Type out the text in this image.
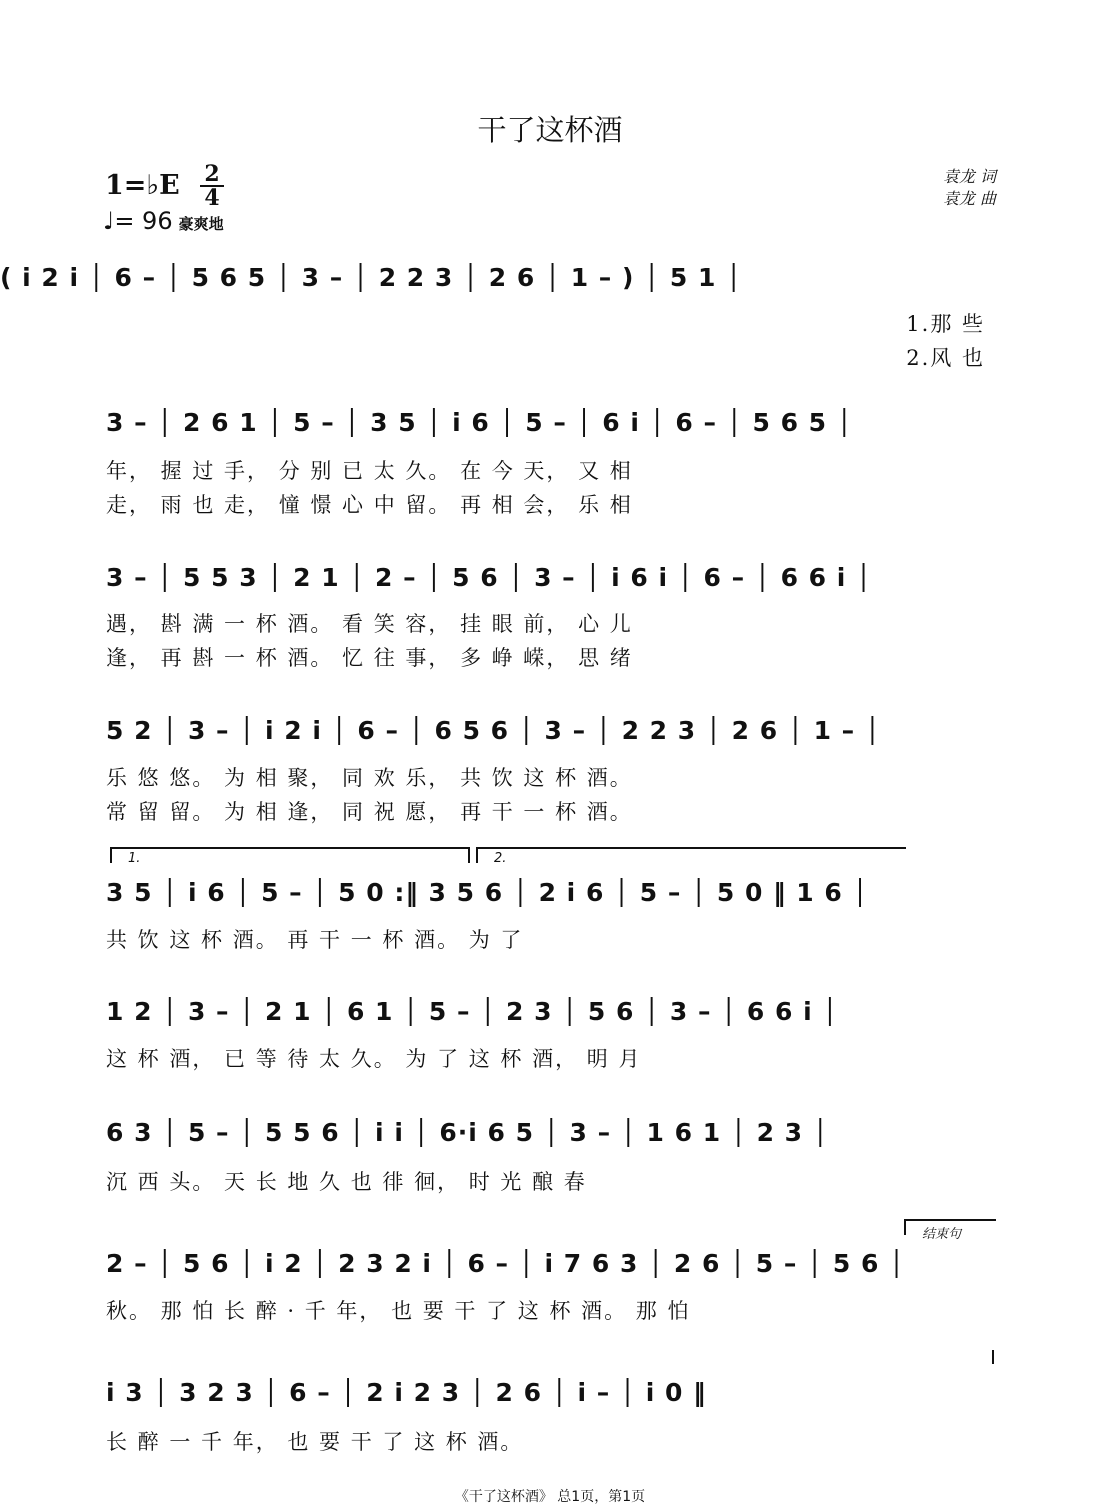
干了这杯酒
1=♭E 2
4
♩= 96 豪爽地
袁龙 词
袁龙 曲
( i 2 i │ 6 – │ 5 6 5 │ 3 – │ 2 2 3 │ 2 6 │ 1 – ) │ 5 1 │
1.那 些
2.风 也
3 – │ 2 6 1 │ 5 – │ 3 5 │ i 6 │ 5 – │ 6 i │ 6 – │ 5 6 5 │
年， 握 过 手， 分 别 已 太 久。 在 今 天， 又 相
走， 雨 也 走， 憧 憬 心 中 留。 再 相 会， 乐 相
3 – │ 5 5 3 │ 2 1 │ 2 – │ 5 6 │ 3 – │ i 6 i │ 6 – │ 6 6 i │
遇， 斟 满 一 杯 酒。 看 笑 容， 挂 眼 前， 心 儿
逢， 再 斟 一 杯 酒。 忆 往 事， 多 峥 嵘， 思 绪
5 2 │ 3 – │ i 2 i │ 6 – │ 6 5 6 │ 3 – │ 2 2 3 │ 2 6 │ 1 – │
乐 悠 悠。 为 相 聚， 同 欢 乐， 共 饮 这 杯 酒。
常 留 留。 为 相 逢， 同 祝 愿， 再 干 一 杯 酒。
1.	2.
3 5 │ i 6 │ 5 – │ 5 0 :‖ 3 5 6 │ 2 i 6 │ 5 – │ 5 0 ‖ 1 6 │
共 饮 这 杯 酒。 再 干 一 杯 酒。 为 了
1 2 │ 3 – │ 2 1 │ 6 1 │ 5 – │ 2 3 │ 5 6 │ 3 – │ 6 6 i │
这 杯 酒， 已 等 待 太 久。 为 了 这 杯 酒， 明 月
6 3 │ 5 – │ 5 5 6 │ i i │ 6·i 6 5 │ 3 – │ 1 6 1 │ 2 3 │
沉 西 头。 天 长 地 久 也 徘 徊， 时 光 酿 春
结束句
2 – │ 5 6 │ i 2 │ 2 3 2 i │ 6 – │ i 7 6 3 │ 2 6 │ 5 – │ 5 6 │
秋。 那 怕 长 醉 · 千 年， 也 要 干 了 这 杯 酒。 那 怕
i 3 │ 3 2 3 │ 6 – │ 2 i 2 3 │ 2 6 │ i – │ i 0 ‖
长 醉 一 千 年， 也 要 干 了 这 杯 酒。
《干了这杯酒》 总1页，第1页
